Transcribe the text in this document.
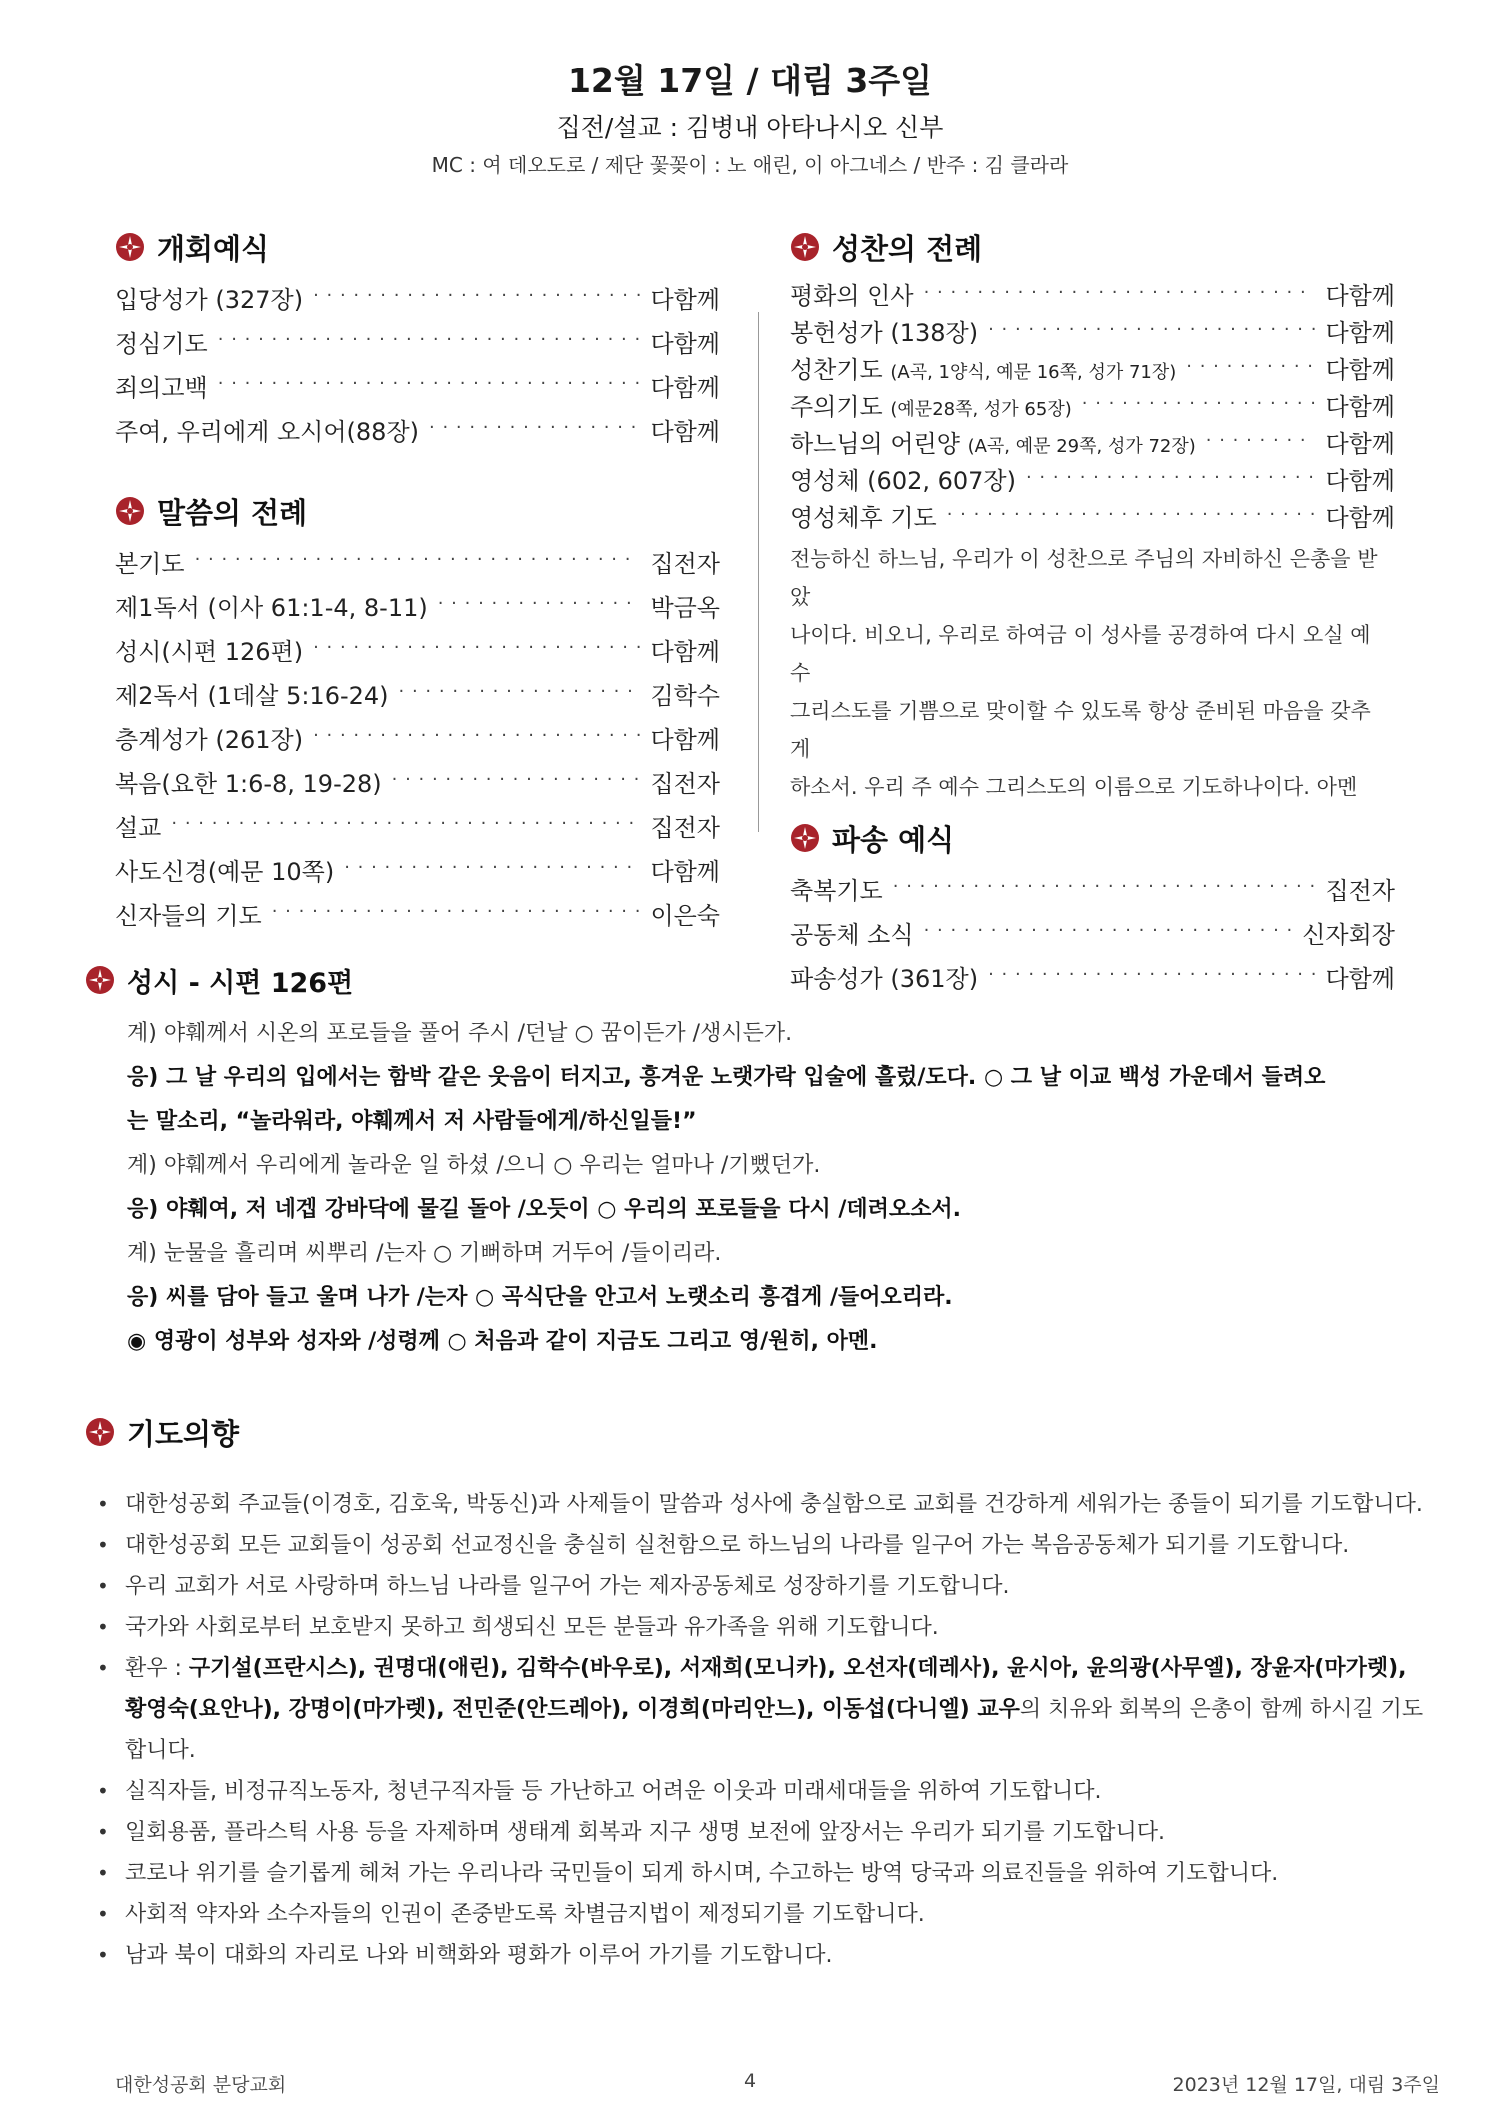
12월 17일 / 대림 3주일
집전/설교 : 김병내 아타나시오 신부
MC : 여 데오도로 / 제단 꽃꽂이 : 노 애린, 이 아그네스 / 반주 : 김 클라라
개회예식
입당성가 (327장) · · ·	다함께
정심기도 · · ·	다함께
죄의고백 · · ·	다함께
주여, 우리에게 오시어(88장) · · ·	다함께
말씀의 전례
본기도 · · ·	집전자
제1독서 (이사 61:1-4, 8-11) · · ·	박금옥
성시(시편 126편) · · ·	다함께
제2독서 (1데살 5:16-24) · · ·	김학수
층계성가 (261장) · · ·	다함께
복음(요한 1:6-8, 19-28) · · ·	집전자
설교 · · ·	집전자
사도신경(예문 10쪽) · · ·	다함께
신자들의 기도 · · ·	이은숙
성찬의 전례
평화의 인사 · · ·	다함께
봉헌성가 (138장) · · ·	다함께
성찬기도 (A곡, 1양식, 예문 16쪽, 성가 71장) · · ·	다함께
주의기도 (예문28쪽, 성가 65장) · · ·	다함께
하느님의 어린양 (A곡, 예문 29쪽, 성가 72장) · · ·	다함께
영성체 (602, 607장) · · ·	다함께
영성체후 기도 · · ·	다함께
전능하신 하느님, 우리가 이 성찬으로 주님의 자비하신 은총을 받았
나이다. 비오니, 우리로 하여금 이 성사를 공경하여 다시 오실 예수
그리스도를 기쁨으로 맞이할 수 있도록 항상 준비된 마음을 갖추게
하소서. 우리 주 예수 그리스도의 이름으로 기도하나이다. 아멘
파송 예식
축복기도 · · ·	집전자
공동체 소식 · · ·	신자회장
파송성가 (361장) · · ·	다함께
성시 - 시편 126편
계) 야훼께서 시온의 포로들을 풀어 주시 /던날 ○ 꿈이든가 /생시든가.
응) 그 날 우리의 입에서는 함박 같은 웃음이 터지고, 흥겨운 노랫가락 입술에 흘렀/도다. ○ 그 날 이교 백성 가운데서 들려오
는 말소리, “놀라워라, 야훼께서 저 사람들에게/하신일들!”
계) 야훼께서 우리에게 놀라운 일 하셨 /으니 ○ 우리는 얼마나 /기뻤던가.
응) 야훼여, 저 네겝 강바닥에 물길 돌아 /오듯이 ○ 우리의 포로들을 다시 /데려오소서.
계) 눈물을 흘리며 씨뿌리 /는자 ○ 기뻐하며 거두어 /들이리라.
응) 씨를 담아 들고 울며 나가 /는자 ○ 곡식단을 안고서 노랫소리 흥겹게 /들어오리라.
◉ 영광이 성부와 성자와 /성령께 ○ 처음과 같이 지금도 그리고 영/원히, 아멘.
기도의향
• 대한성공회 주교들(이경호, 김호욱, 박동신)과 사제들이 말씀과 성사에 충실함으로 교회를 건강하게 세워가는 종들이 되기를 기도합니다.
• 대한성공회 모든 교회들이 성공회 선교정신을 충실히 실천함으로 하느님의 나라를 일구어 가는 복음공동체가 되기를 기도합니다.
• 우리 교회가 서로 사랑하며 하느님 나라를 일구어 가는 제자공동체로 성장하기를 기도합니다.
• 국가와 사회로부터 보호받지 못하고 희생되신 모든 분들과 유가족을 위해 기도합니다.
• 환우 : 구기설(프란시스), 권명대(애린), 김학수(바우로), 서재희(모니카), 오선자(데레사), 윤시아, 윤의광(사무엘), 장윤자(마가렛), 황영숙(요안나), 강명이(마가렛), 전민준(안드레아), 이경희(마리안느), 이동섭(다니엘) 교우의 치유와 회복의 은총이 함께 하시길 기도합니다.
• 실직자들, 비정규직노동자, 청년구직자들 등 가난하고 어려운 이웃과 미래세대들을 위하여 기도합니다.
• 일회용품, 플라스틱 사용 등을 자제하며 생태계 회복과 지구 생명 보전에 앞장서는 우리가 되기를 기도합니다.
• 코로나 위기를 슬기롭게 헤쳐 가는 우리나라 국민들이 되게 하시며, 수고하는 방역 당국과 의료진들을 위하여 기도합니다.
• 사회적 약자와 소수자들의 인권이 존중받도록 차별금지법이 제정되기를 기도합니다.
• 남과 북이 대화의 자리로 나와 비핵화와 평화가 이루어 가기를 기도합니다.
대한성공회 분당교회	4	2023년 12월 17일, 대림 3주일
